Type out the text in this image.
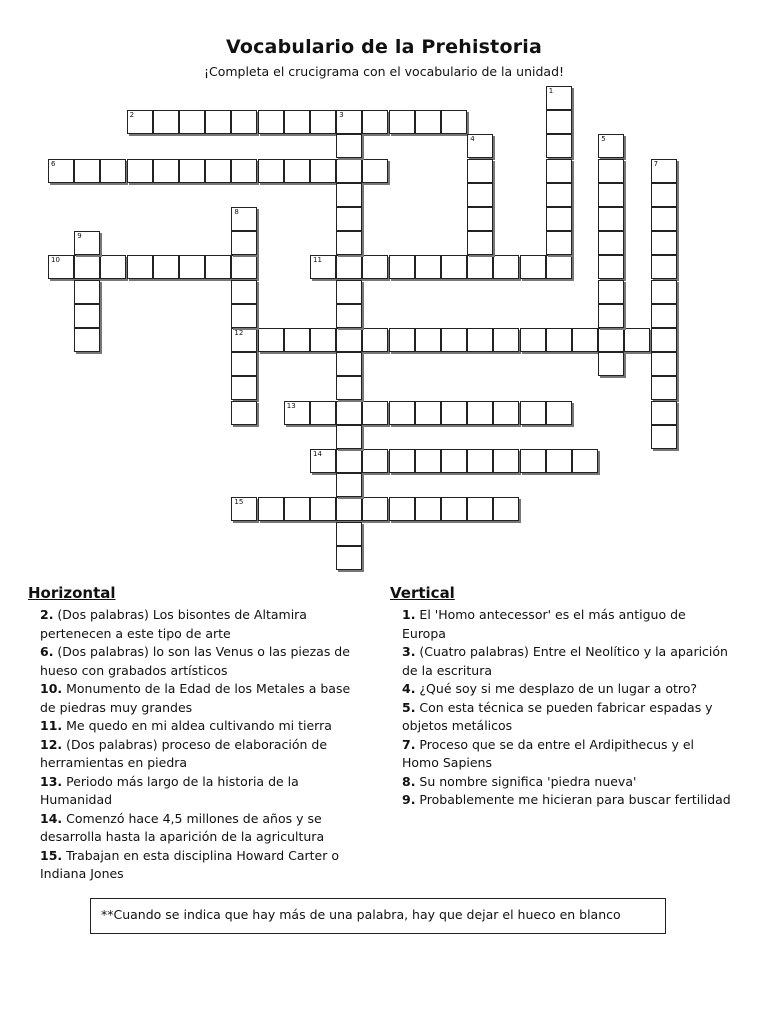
Vocabulario de la Prehistoria
¡Completa el crucigrama con el vocabulario de la unidad!
2	3
6
10	11
12
13
14
15
1
4	5
7
8
9
Horizontal

2. (Dos palabras) Los bisontes de Altamira pertenecen a este tipo de arte

6. (Dos palabras) lo son las Venus o las piezas de hueso con grabados artísticos

10. Monumento de la Edad de los Metales a base de piedras muy grandes

11. Me quedo en mi aldea cultivando mi tierra

12. (Dos palabras) proceso de elaboración de herramientas en piedra

13. Periodo más largo de la historia de la Humanidad

14. Comenzó hace 4,5 millones de años y se desarrolla hasta la aparición de la agricultura

15. Trabajan en esta disciplina Howard Carter o Indiana Jones

Vertical

1. El 'Homo antecessor' es el más antiguo de Europa

3. (Cuatro palabras) Entre el Neolítico y la aparición de la escritura

4. ¿Qué soy si me desplazo de un lugar a otro?

5. Con esta técnica se pueden fabricar espadas y objetos metálicos

7. Proceso que se da entre el Ardipithecus y el Homo Sapiens

8. Su nombre significa 'piedra nueva'

9. Probablemente me hicieran para buscar fertilidad

**Cuando se indica que hay más de una palabra, hay que dejar el hueco en blanco
